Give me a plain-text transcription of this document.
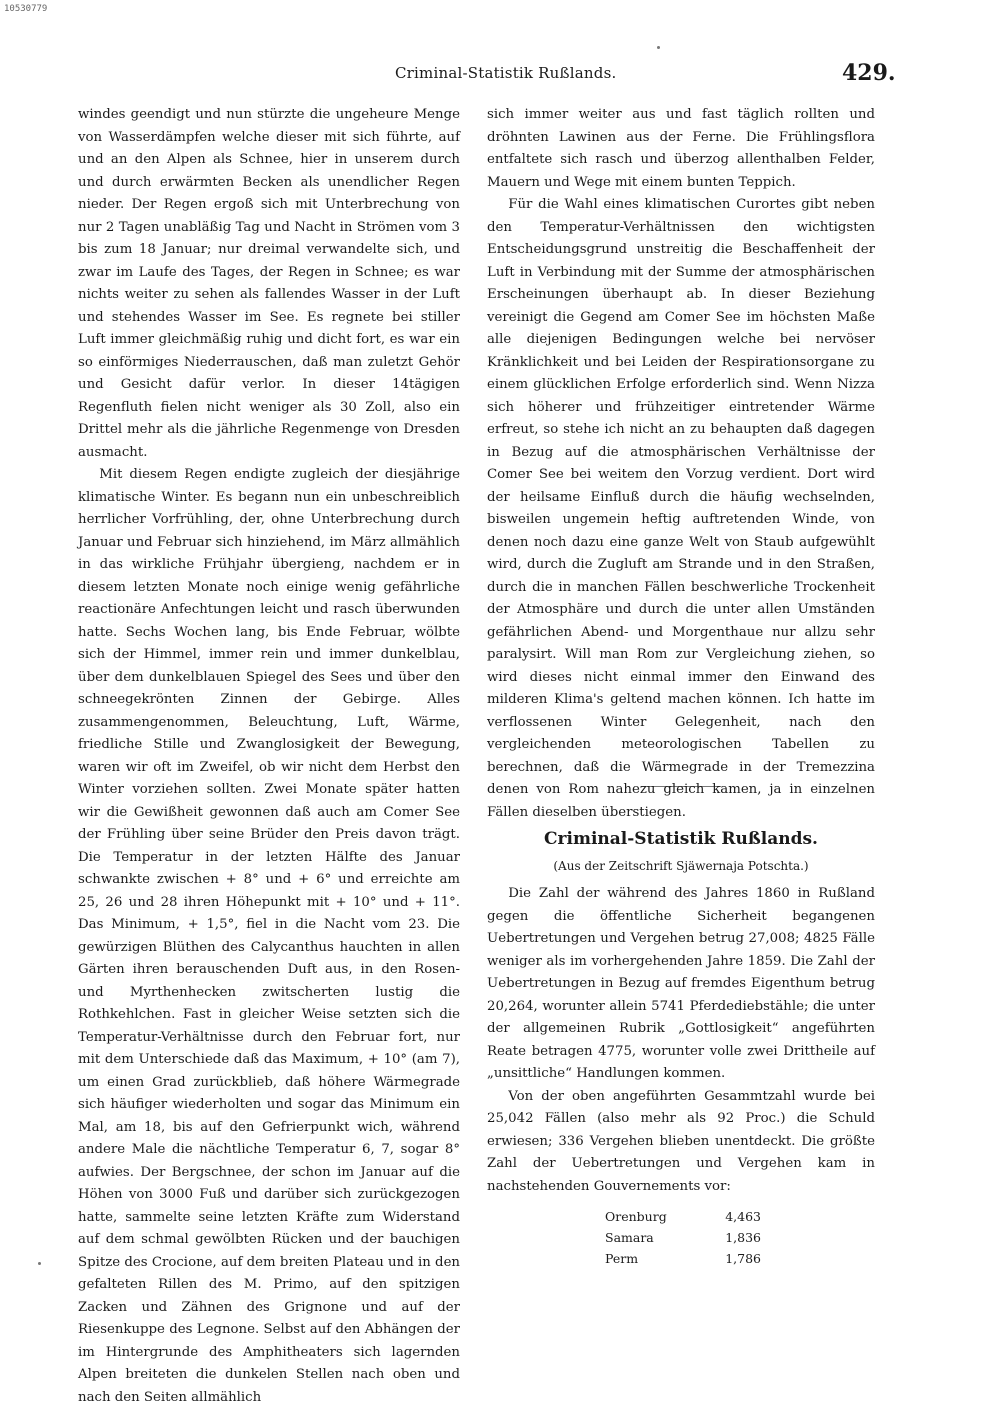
10530779
Criminal-Statistik Rußlands.	429.

windes geendigt und nun stürzte die ungeheure Menge von Wasserdämpfen welche dieser mit sich führte, auf und an den Alpen als Schnee, hier in unserem durch und durch erwärmten Becken als unendlicher Regen nieder. Der Regen ergoß sich mit Unterbrechung von nur 2 Tagen unabläßig Tag und Nacht in Strömen vom 3 bis zum 18 Januar; nur dreimal verwandelte sich, und zwar im Laufe des Tages, der Regen in Schnee; es war nichts weiter zu sehen als fallendes Wasser in der Luft und stehendes Wasser im See. Es regnete bei stiller Luft immer gleichmäßig ruhig und dicht fort, es war ein so einförmiges Niederrauschen, daß man zuletzt Gehör und Gesicht dafür verlor. In dieser 14tägigen Regenfluth fielen nicht weniger als 30 Zoll, also ein Drittel mehr als die jährliche Regenmenge von Dresden ausmacht.

Mit diesem Regen endigte zugleich der diesjährige klimatische Winter. Es begann nun ein unbeschreiblich herrlicher Vorfrühling, der, ohne Unterbrechung durch Januar und Februar sich hinziehend, im März allmählich in das wirkliche Frühjahr übergieng, nachdem er in diesem letzten Monate noch einige wenig gefährliche reactionäre Anfechtungen leicht und rasch überwunden hatte. Sechs Wochen lang, bis Ende Februar, wölbte sich der Himmel, immer rein und immer dunkelblau, über dem dunkelblauen Spiegel des Sees und über den schneegekrönten Zinnen der Gebirge. Alles zusammengenommen, Beleuchtung, Luft, Wärme, friedliche Stille und Zwanglosigkeit der Bewegung, waren wir oft im Zweifel, ob wir nicht dem Herbst den Winter vorziehen sollten. Zwei Monate später hatten wir die Gewißheit gewonnen daß auch am Comer See der Frühling über seine Brüder den Preis davon trägt. Die Temperatur in der letzten Hälfte des Januar schwankte zwischen + 8° und + 6° und erreichte am 25, 26 und 28 ihren Höhepunkt mit + 10° und + 11°. Das Minimum, + 1,5°, fiel in die Nacht vom 23. Die gewürzigen Blüthen des Calycanthus hauchten in allen Gärten ihren berauschenden Duft aus, in den Rosen- und Myrthenhecken zwitscherten lustig die Rothkehlchen. Fast in gleicher Weise setzten sich die Temperatur-Verhältnisse durch den Februar fort, nur mit dem Unterschiede daß das Maximum, + 10° (am 7), um einen Grad zurückblieb, daß höhere Wärmegrade sich häufiger wiederholten und sogar das Minimum ein Mal, am 18, bis auf den Gefrierpunkt wich, während andere Male die nächtliche Temperatur 6, 7, sogar 8° aufwies. Der Bergschnee, der schon im Januar auf die Höhen von 3000 Fuß und darüber sich zurückgezogen hatte, sammelte seine letzten Kräfte zum Widerstand auf dem schmal gewölbten Rücken und der bauchigen Spitze des Crocione, auf dem breiten Plateau und in den gefalteten Rillen des M. Primo, auf den spitzigen Zacken und Zähnen des Grignone und auf der Riesenkuppe des Legnone. Selbst auf den Abhängen der im Hintergrunde des Amphitheaters sich lagernden Alpen breiteten die dunkelen Stellen nach oben und nach den Seiten allmählich

sich immer weiter aus und fast täglich rollten und dröhnten Lawinen aus der Ferne. Die Frühlingsflora entfaltete sich rasch und überzog allenthalben Felder, Mauern und Wege mit einem bunten Teppich.

Für die Wahl eines klimatischen Curortes gibt neben den Temperatur-Verhältnissen den wichtigsten Entscheidungsgrund unstreitig die Beschaffenheit der Luft in Verbindung mit der Summe der atmosphärischen Erscheinungen überhaupt ab. In dieser Beziehung vereinigt die Gegend am Comer See im höchsten Maße alle diejenigen Bedingungen welche bei nervöser Kränklichkeit und bei Leiden der Respirationsorgane zu einem glücklichen Erfolge erforderlich sind. Wenn Nizza sich höherer und frühzeitiger eintretender Wärme erfreut, so stehe ich nicht an zu behaupten daß dagegen in Bezug auf die atmosphärischen Verhältnisse der Comer See bei weitem den Vorzug verdient. Dort wird der heilsame Einfluß durch die häufig wechselnden, bisweilen ungemein heftig auftretenden Winde, von denen noch dazu eine ganze Welt von Staub aufgewühlt wird, durch die Zugluft am Strande und in den Straßen, durch die in manchen Fällen beschwerliche Trockenheit der Atmosphäre und durch die unter allen Umständen gefährlichen Abend- und Morgenthaue nur allzu sehr paralysirt. Will man Rom zur Vergleichung ziehen, so wird dieses nicht einmal immer den Einwand des milderen Klima's geltend machen können. Ich hatte im verflossenen Winter Gelegenheit, nach den vergleichenden meteorologischen Tabellen zu berechnen, daß die Wärmegrade in der Tremezzina denen von Rom nahezu gleich kamen, ja in einzelnen Fällen dieselben überstiegen.

Criminal-Statistik Rußlands.
(Aus der Zeitschrift Sjäwernaja Potschta.)

Die Zahl der während des Jahres 1860 in Rußland gegen die öffentliche Sicherheit begangenen Uebertretungen und Vergehen betrug 27,008; 4825 Fälle weniger als im vorhergehenden Jahre 1859. Die Zahl der Uebertretungen in Bezug auf fremdes Eigenthum betrug 20,264, worunter allein 5741 Pferdediebstähle; die unter der allgemeinen Rubrik „Gottlosigkeit“ angeführten Reate betragen 4775, worunter volle zwei Drittheile auf „unsittliche“ Handlungen kommen.

Von der oben angeführten Gesammtzahl wurde bei 25,042 Fällen (also mehr als 92 Proc.) die Schuld erwiesen; 336 Vergehen blieben unentdeckt. Die größte Zahl der Uebertretungen und Vergehen kam in nachstehenden Gouvernements vor:

Orenburg	4,463
Samara	1,836
Perm	1,786
